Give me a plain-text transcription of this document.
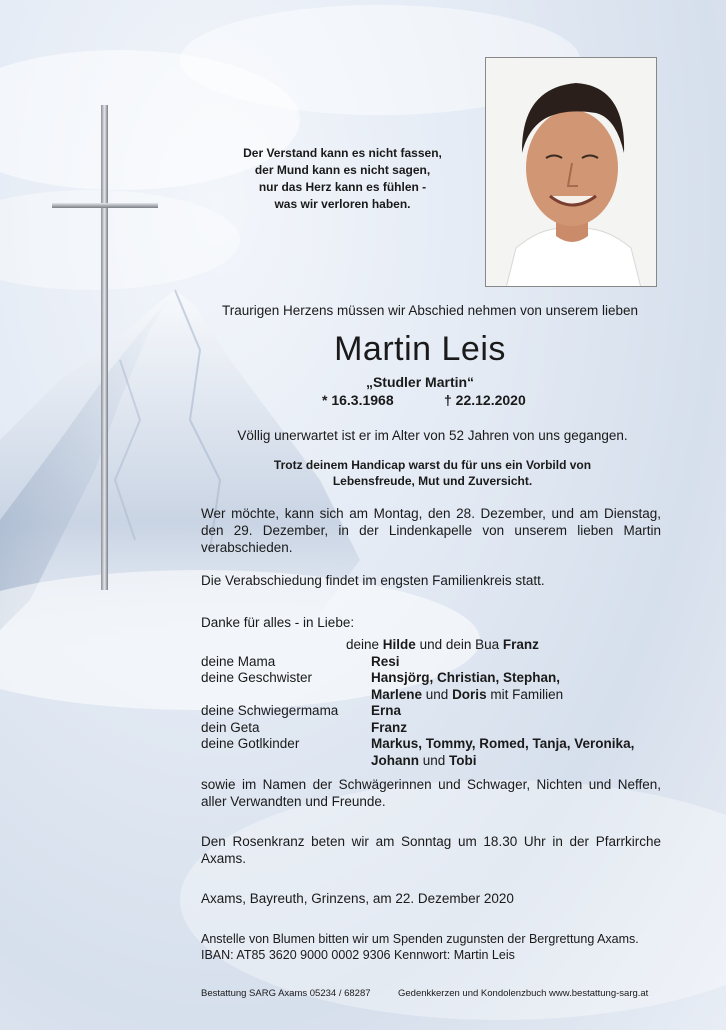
Der Verstand kann es nicht fassen,
der Mund kann es nicht sagen,
nur das Herz kann es fühlen -
was wir verloren haben.
Traurigen Herzens müssen wir Abschied nehmen von unserem lieben
Martin Leis
„Studler Martin“
* 16.3.1968	† 22.12.2020
Völlig unerwartet ist er im Alter von 52 Jahren von uns gegangen.
Trotz deinem Handicap warst du für uns ein Vorbild von
Lebensfreude, Mut und Zuversicht.
Wer möchte, kann sich am Montag, den 28. Dezember, und am Dienstag, den 29. Dezember, in der Lindenkapelle von unserem lieben Martin verabschieden.
Die Verabschiedung findet im engsten Familienkreis statt.
Danke für alles - in Liebe:
deine Hilde und dein Bua Franz
deine Mama	Resi
deine Geschwister	Hansjörg, Christian, Stephan,
Marlene und Doris mit Familien
deine Schwiegermama Erna
dein Geta	Franz
deine Gotlkinder	Markus, Tommy, Romed, Tanja, Veronika,
Johann und Tobi
sowie im Namen der Schwägerinnen und Schwager, Nichten und Neffen, aller Verwandten und Freunde.
Den Rosenkranz beten wir am Sonntag um 18.30 Uhr in der Pfarrkirche Axams.
Axams, Bayreuth, Grinzens, am 22. Dezember 2020
Anstelle von Blumen bitten wir um Spenden zugunsten der Bergrettung Axams.
IBAN: AT85 3620 9000 0002 9306 Kennwort: Martin Leis
Bestattung SARG Axams 05234 / 68287	Gedenkkerzen und Kondolenzbuch www.bestattung-sarg.at
